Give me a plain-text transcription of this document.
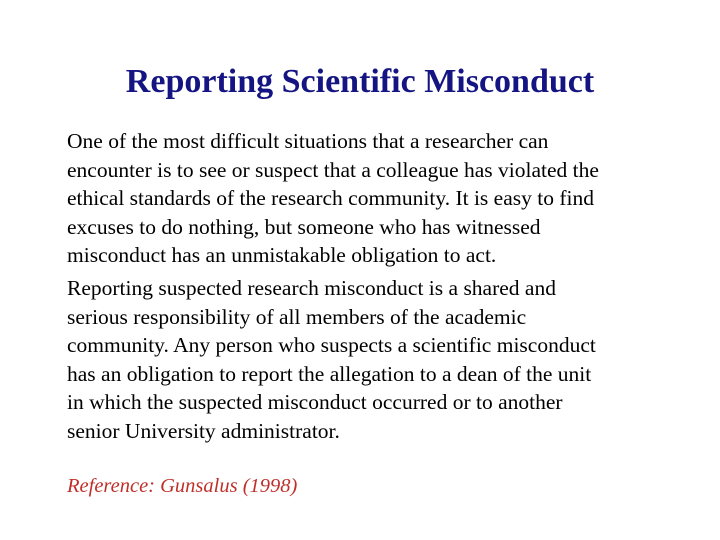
Reporting Scientific Misconduct

One of the most difficult situations that a researcher can
encounter is to see or suspect that a colleague has violated the
ethical standards of the research community. It is easy to find
excuses to do nothing, but someone who has witnessed
misconduct has an unmistakable obligation to act.

Reporting suspected research misconduct is a shared and
serious responsibility of all members of the academic
community. Any person who suspects a scientific misconduct
has an obligation to report the allegation to a dean of the unit
in which the suspected misconduct occurred or to another
senior University administrator.

Reference: Gunsalus (1998)
